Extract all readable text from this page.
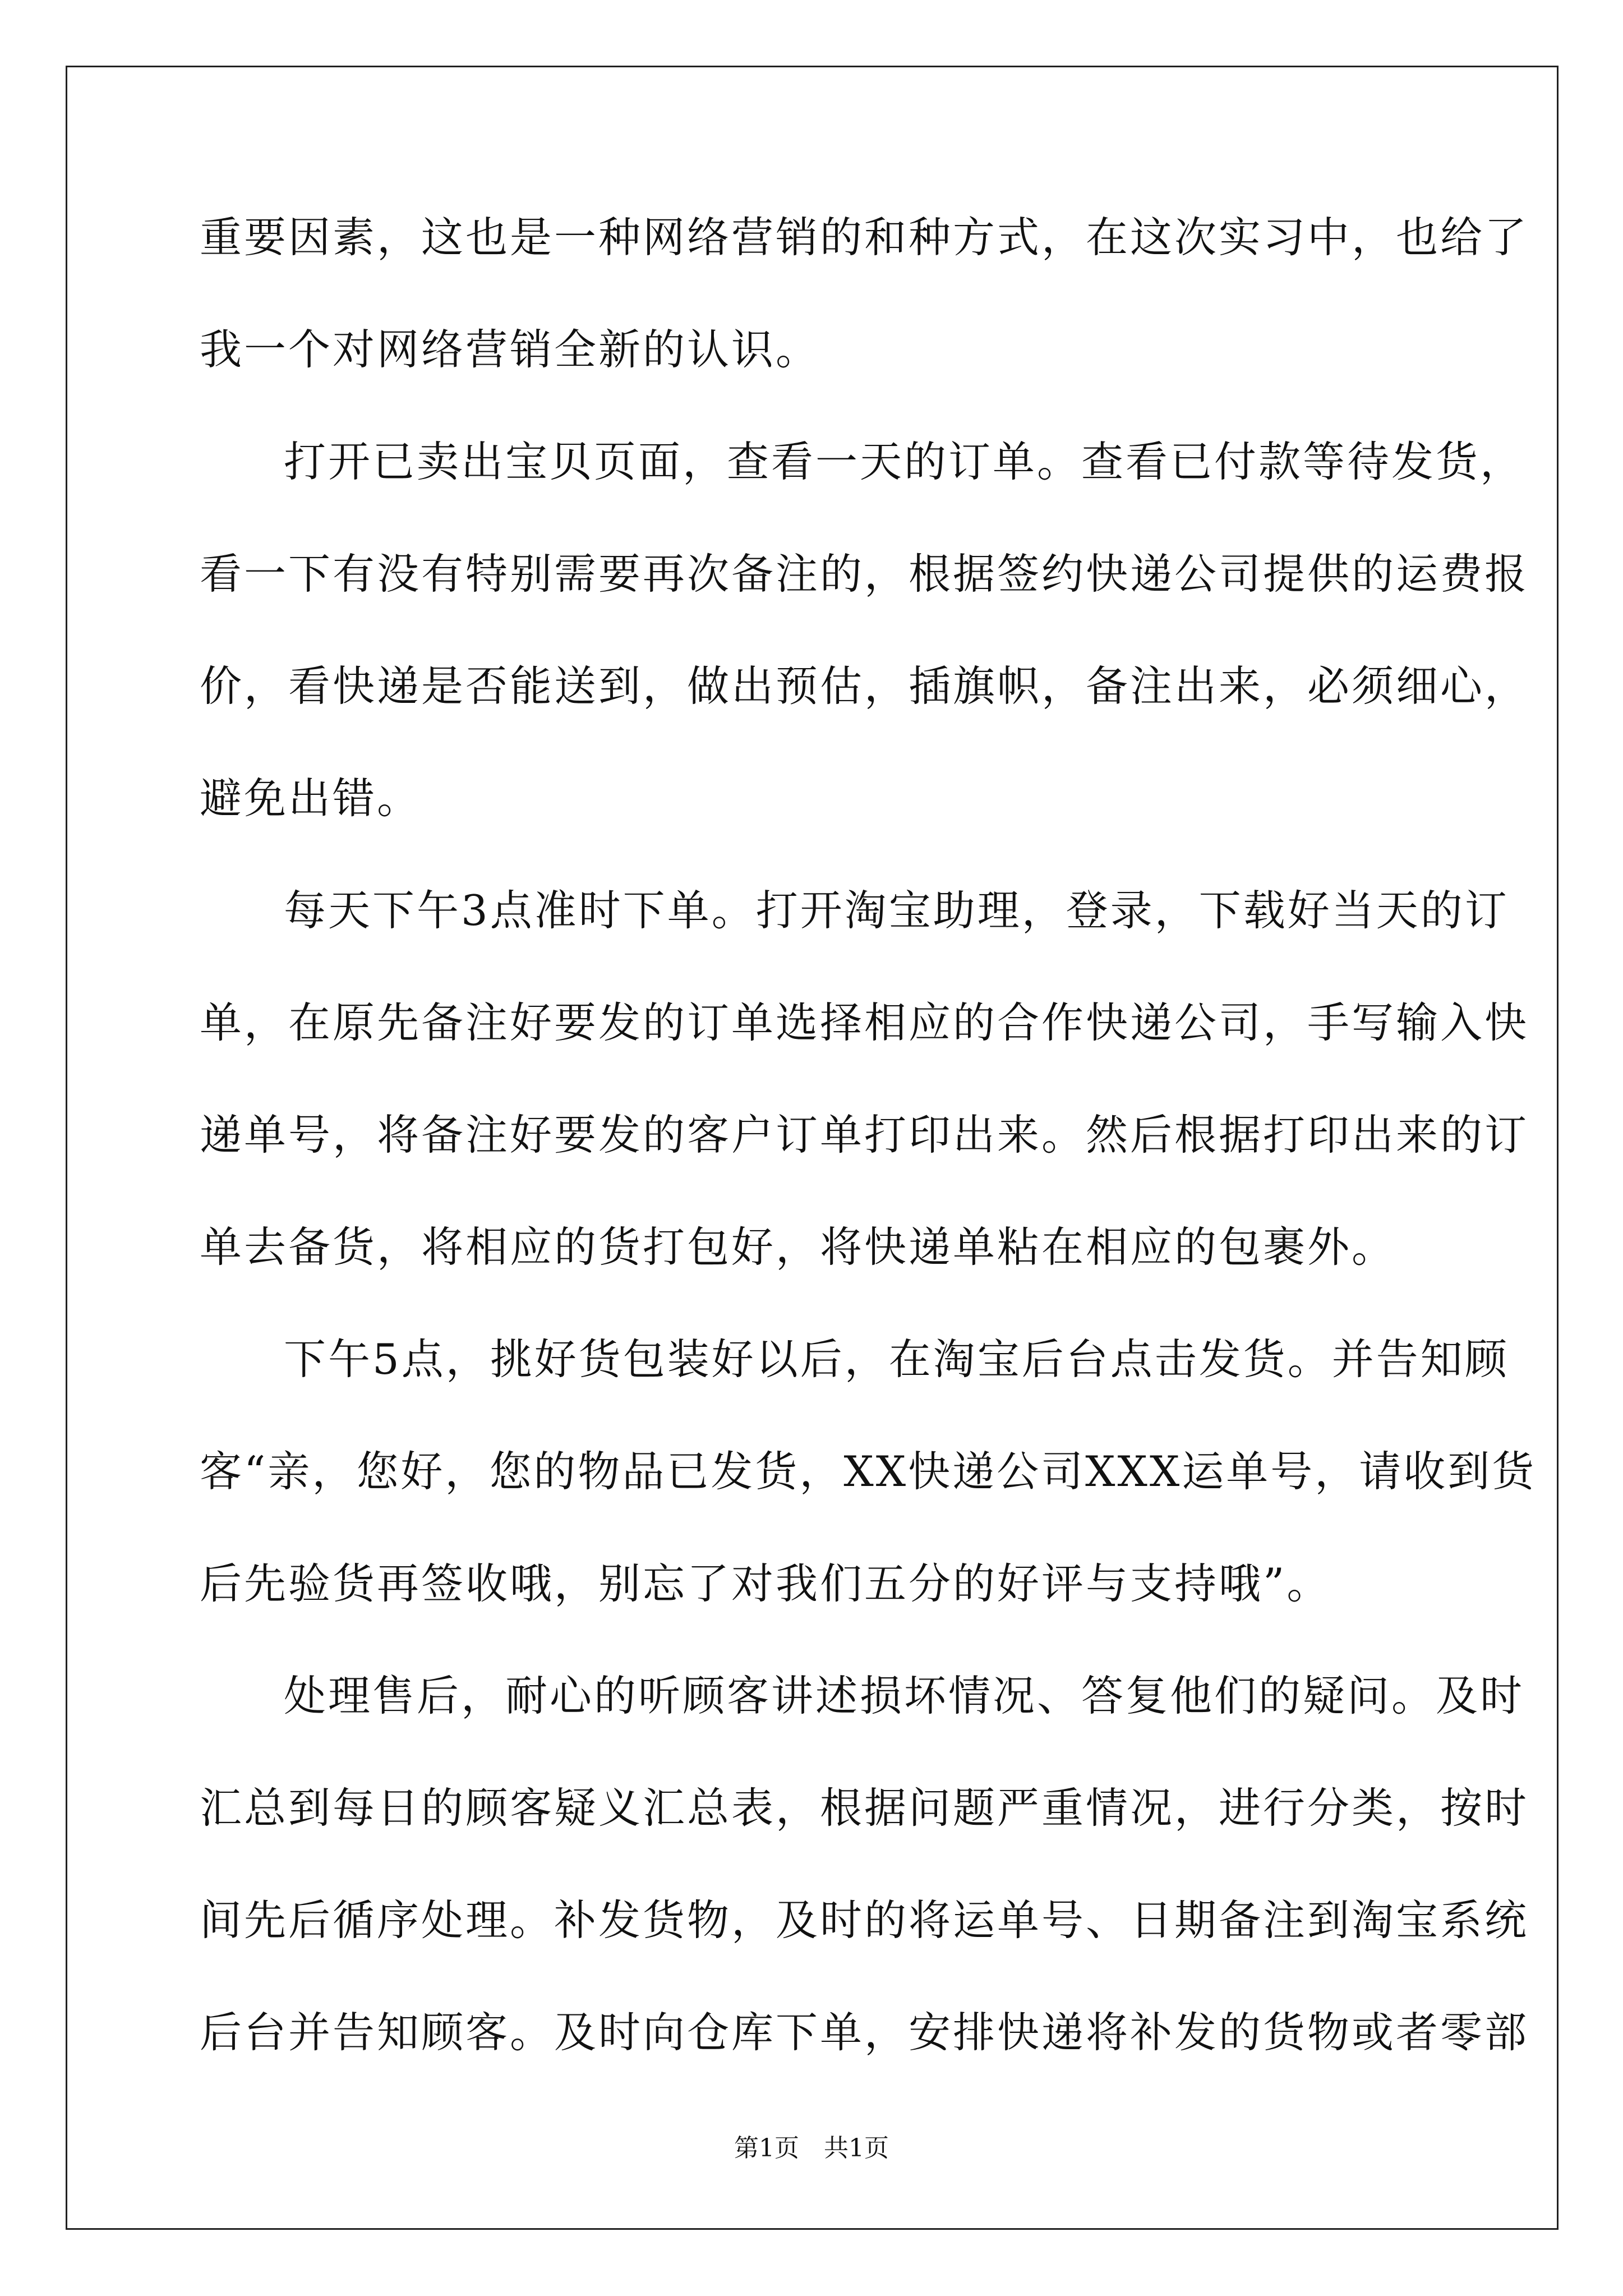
重要因素，这也是一种网络营销的和种方式，在这次实习中，也给了
我一个对网络营销全新的认识。
打开已卖出宝贝页面，查看一天的订单。查看已付款等待发货，
看一下有没有特别需要再次备注的，根据签约快递公司提供的运费报
价，看快递是否能送到，做出预估，插旗帜，备注出来，必须细心，
避免出错。
每天下午3点准时下单。打开淘宝助理，登录，下载好当天的订
单，在原先备注好要发的订单选择相应的合作快递公司，手写输入快
递单号，将备注好要发的客户订单打印出来。然后根据打印出来的订
单去备货，将相应的货打包好，将快递单粘在相应的包裹外。
下午5点，挑好货包装好以后，在淘宝后台点击发货。并告知顾
客“亲，您好，您的物品已发货，XX快递公司XXX运单号，请收到货
后先验货再签收哦，别忘了对我们五分的好评与支持哦”。
处理售后，耐心的听顾客讲述损坏情况、答复他们的疑问。及时
汇总到每日的顾客疑义汇总表，根据问题严重情况，进行分类，按时
间先后循序处理。补发货物，及时的将运单号、日期备注到淘宝系统
后台并告知顾客。及时向仓库下单，安排快递将补发的货物或者零部
第1页　共1页
